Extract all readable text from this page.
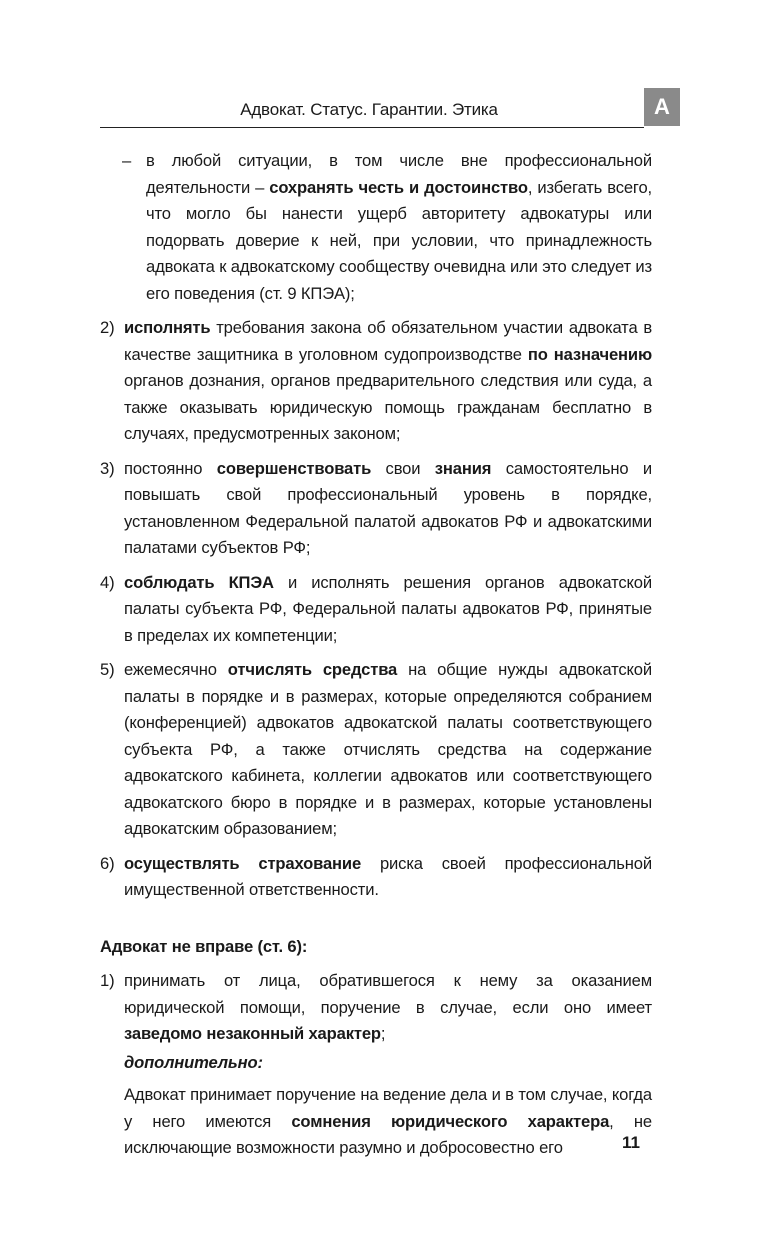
Адвокат. Статус. Гарантии. Этика	А
– в любой ситуации, в том числе вне профессиональной деятельности – сохранять честь и достоинство, избегать всего, что могло бы нанести ущерб авторитету адвокатуры или подорвать доверие к ней, при условии, что принадлежность адвоката к адвокатскому сообществу очевидна или это следует из его поведения (ст. 9 КПЭА);

2) исполнять требования закона об обязательном участии адвоката в качестве защитника в уголовном судопроизводстве по назначению органов дознания, органов предварительного следствия или суда, а также оказывать юридическую помощь гражданам бесплатно в случаях, предусмотренных законом;

3) постоянно совершенствовать свои знания самостоятельно и повышать свой профессиональный уровень в порядке, установленном Федеральной палатой адвокатов РФ и адвокатскими палатами субъектов РФ;

4) соблюдать КПЭА и исполнять решения органов адвокатской палаты субъекта РФ, Федеральной палаты адвокатов РФ, принятые в пределах их компетенции;

5) ежемесячно отчислять средства на общие нужды адвокатской палаты в порядке и в размерах, которые определяются собранием (конференцией) адвокатов адвокатской палаты соответствующего субъекта РФ, а также отчислять средства на содержание адвокатского кабинета, коллегии адвокатов или соответствующего адвокатского бюро в порядке и в размерах, которые установлены адвокатским образованием;

6) осуществлять страхование риска своей профессиональной имущественной ответственности.

Адвокат не вправе (ст. 6):

1) принимать от лица, обратившегося к нему за оказанием юридической помощи, поручение в случае, если оно имеет заведомо незаконный характер;

дополнительно:

Адвокат принимает поручение на ведение дела и в том случае, когда у него имеются сомнения юридического характера, не исключающие возможности разумно и добросовестно его	11
